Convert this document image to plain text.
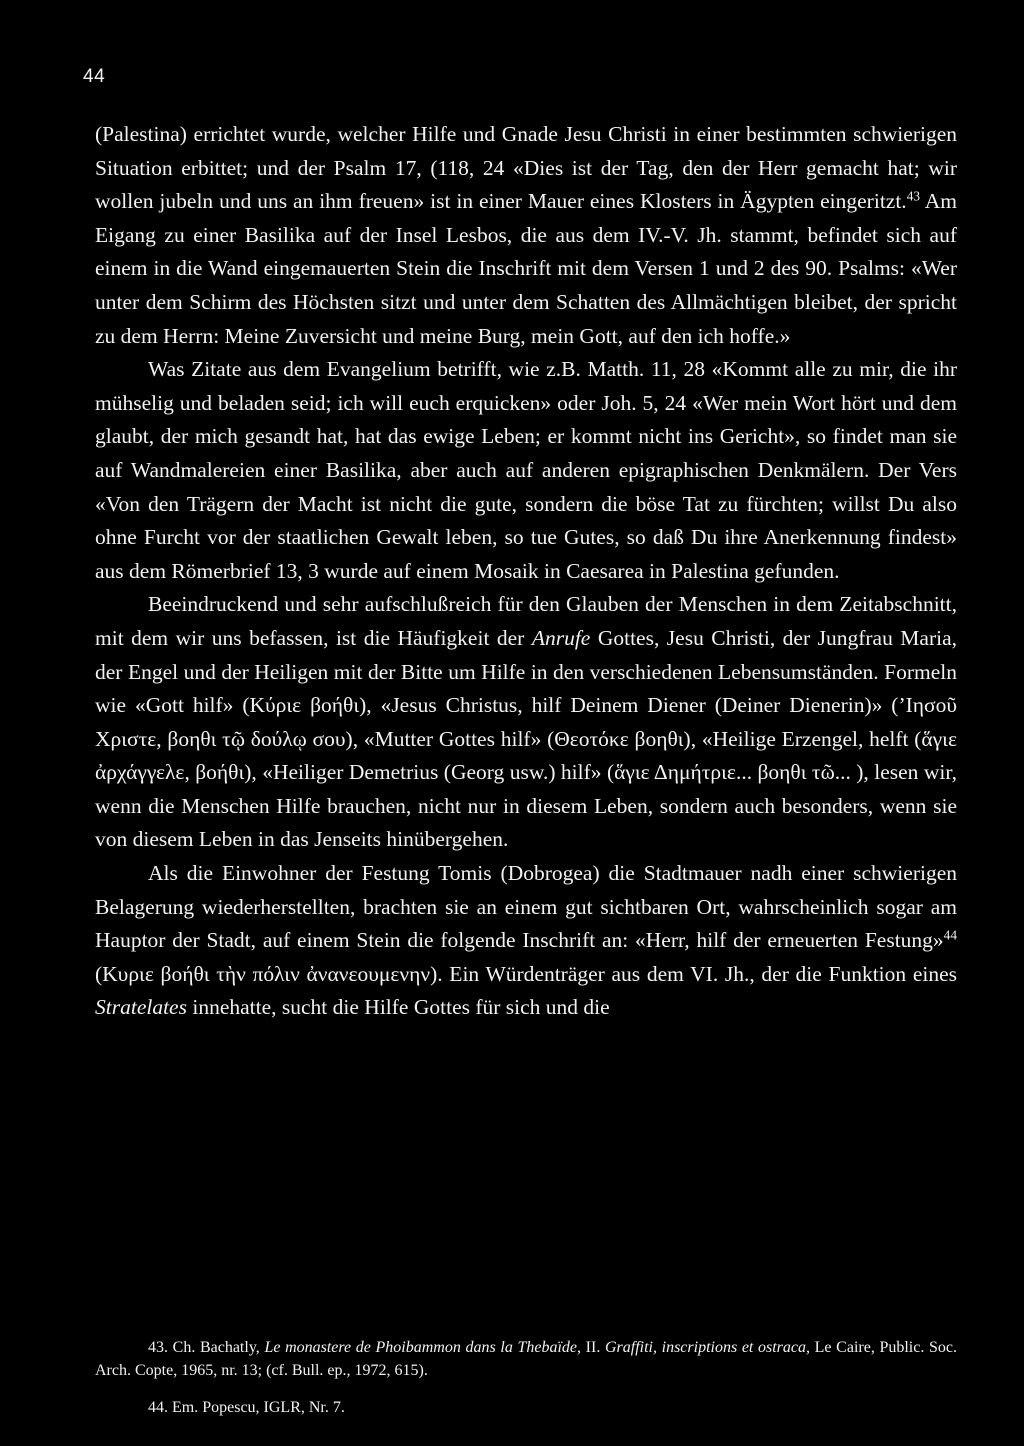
44

(Palestina) errichtet wurde, welcher Hilfe und Gnade Jesu Christi in einer bestimmten schwierigen Situation erbittet; und der Psalm 17, (118, 24 «Dies ist der Tag, den der Herr gemacht hat; wir wollen jubeln und uns an ihm freuen» ist in einer Mauer eines Klosters in Ägypten eingeritzt.$^{43}$ Am Eigang zu einer Basilika auf der Insel Lesbos, die aus dem IV.-V. Jh. stammt, befindet sich auf einem in die Wand eingemauerten Stein die Inschrift mit dem Versen 1 und 2 des 90. Psalms: «Wer unter dem Schirm des Höchsten sitzt und unter dem Schatten des Allmächtigen bleibet, der spricht zu dem Herrn: Meine Zuversicht und meine Burg, mein Gott, auf den ich hoffe.»

Was Zitate aus dem Evangelium betrifft, wie z.B. Matth. 11, 28 «Kommt alle zu mir, die ihr mühselig und beladen seid; ich will euch erquicken» oder Joh. 5, 24 «Wer mein Wort hört und dem glaubt, der mich gesandt hat, hat das ewige Leben; er kommt nicht ins Gericht», so findet man sie auf Wandmalereien einer Basilika, aber auch auf anderen epigraphischen Denkmälern. Der Vers «Von den Trägern der Macht ist nicht die gute, sondern die böse Tat zu fürchten; willst Du also ohne Furcht vor der staatlichen Gewalt leben, so tue Gutes, so daß Du ihre Anerkennung findest» aus dem Römerbrief 13, 3 wurde auf einem Mosaik in Caesarea in Palestina gefunden.

Beeindruckend und sehr aufschlußreich für den Glauben der Menschen in dem Zeitabschnitt, mit dem wir uns befassen, ist die Häufigkeit der Anrufe Gottes, Jesu Christi, der Jungfrau Maria, der Engel und der Heiligen mit der Bitte um Hilfe in den verschiedenen Lebensumständen. Formeln wie «Gott hilf» (Κύριε βοήθι), «Jesus Christus, hilf Deinem Diener (Deiner Dienerin)» (’Ιησοῦ Χριστε, βοηθι τῷ δούλῳ σου), «Mutter Gottes hilf» (Θεοτόκε βοηθι), «Heilige Erzengel, helft (ἅγιε ἀρχάγγελε, βοήθι), «Heiliger Demetrius (Georg usw.) hilf» (ἅγιε Δημήτριε... βοηθι τῶ... ), lesen wir, wenn die Menschen Hilfe brauchen, nicht nur in diesem Leben, sondern auch besonders, wenn sie von diesem Leben in das Jenseits hinübergehen.

Als die Einwohner der Festung Tomis (Dobrogea) die Stadtmauer nadh einer schwierigen Belagerung wiederherstellten, brachten sie an einem gut sichtbaren Ort, wahrscheinlich sogar am Hauptor der Stadt, auf einem Stein die folgende Inschrift an: «Herr, hilf der erneuerten Festung»$^{44}$ (Κυριε βοήθι τὴν πόλιν ἀνανεουμενην). Ein Würdenträger aus dem VI. Jh., der die Funktion eines Stratelates innehatte, sucht die Hilfe Gottes für sich und die

43. Ch. Bachatly, Le monastere de Phoibammon dans la Thebaïde, II. Graffiti, inscriptions et ostraca, Le Caire, Public. Soc. Arch. Copte, 1965, nr. 13; (cf. Bull. ep., 1972, 615).

44. Em. Popescu, IGLR, Nr. 7.
